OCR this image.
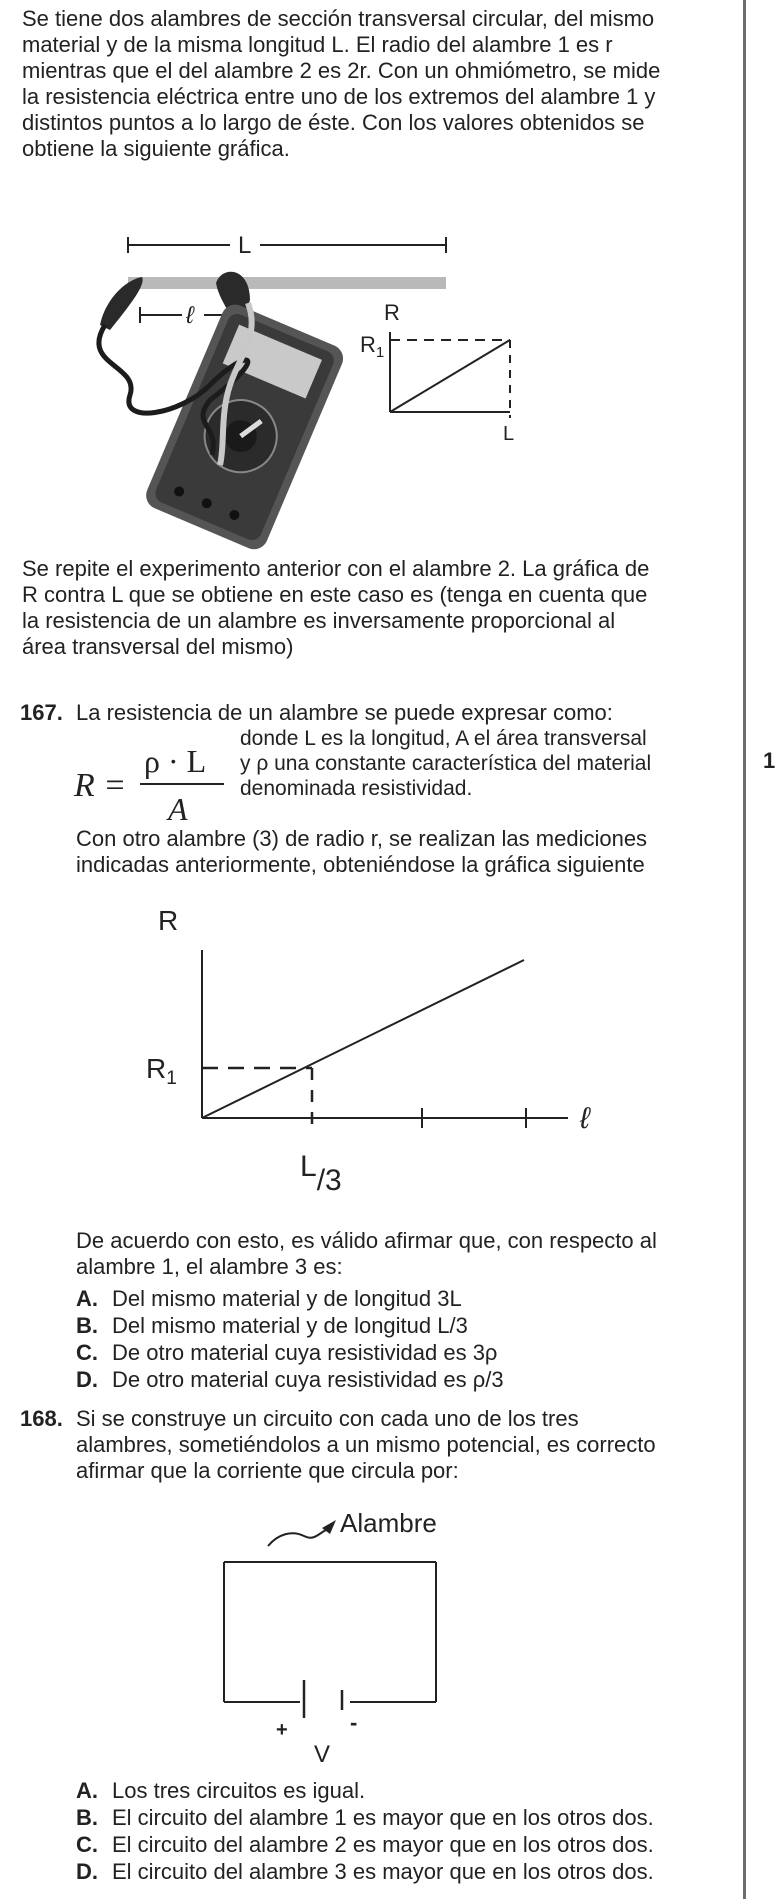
1
Se tiene dos alambres de sección transversal circular, del mismo
material y de la misma longitud L. El radio del alambre 1 es r
mientras que el del alambre 2 es 2r. Con un ohmiómetro, se mide
la resistencia eléctrica entre uno de los extremos del alambre 1 y
distintos puntos a lo largo de éste. Con los valores obtenidos se
obtiene la siguiente gráfica.
L
ℓ	R
$R_1$
L
Se repite el experimento anterior con el alambre 2. La gráfica de
R contra L que se obtiene en este caso es (tenga en cuenta que
la resistencia de un alambre es inversamente proporcional al
área transversal del mismo)
167. La resistencia de un alambre se puede expresar como:
R =
ρ · L
A
donde L es la longitud, A el área transversal
y ρ una constante característica del material
denominada resistividad.
Con otro alambre (3) de radio r, se realizan las mediciones
indicadas anteriormente, obteniéndose la gráfica siguiente
R
$R_1$
ℓ
L/3
De acuerdo con esto, es válido afirmar que, con respecto al
alambre 1, el alambre 3 es:
A. Del mismo material y de longitud 3L
B. Del mismo material y de longitud L/3
C. De otro material cuya resistividad es 3ρ
D. De otro material cuya resistividad es ρ/3
168. Si se construye un circuito con cada uno de los tres
alambres, sometiéndolos a un mismo potencial, es correcto
afirmar que la corriente que circula por:
Alambre
+	-
V
A. Los tres circuitos es igual.
B. El circuito del alambre 1 es mayor que en los otros dos.
C. El circuito del alambre 2 es mayor que en los otros dos.
D. El circuito del alambre 3 es mayor que en los otros dos.
